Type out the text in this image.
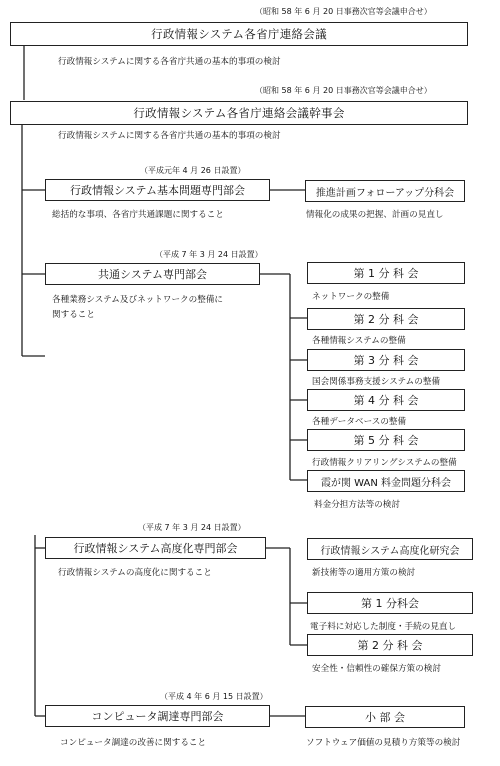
（昭和 58 年 6 月 20 日事務次官等会議申合せ）
行政情報システム各省庁連絡会議
行政情報システムに関する各省庁共通の基本的事項の検討
（昭和 58 年 6 月 20 日事務次官等会議申合せ）
行政情報システム各省庁連絡会議幹事会
行政情報システムに関する各省庁共通の基本的事項の検討
（平成元年 4 月 26 日設置）
行政情報システム基本問題専門部会
総括的な事項、各省庁共通課題に関すること
推進計画フォローアップ分科会
情報化の成果の把握、計画の見直し
（平成 7 年 3 月 24 日設置）
共通システム専門部会
各種業務システム及びネットワークの整備に
関すること
第 1 分 科 会
ネットワークの整備
第 2 分 科 会
各種情報システムの整備
第 3 分 科 会
国会関係事務支援システムの整備
第 4 分 科 会
各種データベースの整備
第 5 分 科 会
行政情報クリアリングシステムの整備
霞が関 WAN 料金問題分科会
料金分担方法等の検討
（平成 7 年 3 月 24 日設置）
行政情報システム高度化専門部会
行政情報システムの高度化に関すること
行政情報システム高度化研究会
新技術等の適用方策の検討
第 1 分科会
電子料に対応した制度・手続の見直し
第 2 分 科 会
安全性・信頼性の確保方策の検討
（平成 4 年 6 月 15 日設置）
コンピュータ調達専門部会
コンピュータ調達の改善に関すること
小 部 会
ソフトウェア価値の見積り方策等の検討
